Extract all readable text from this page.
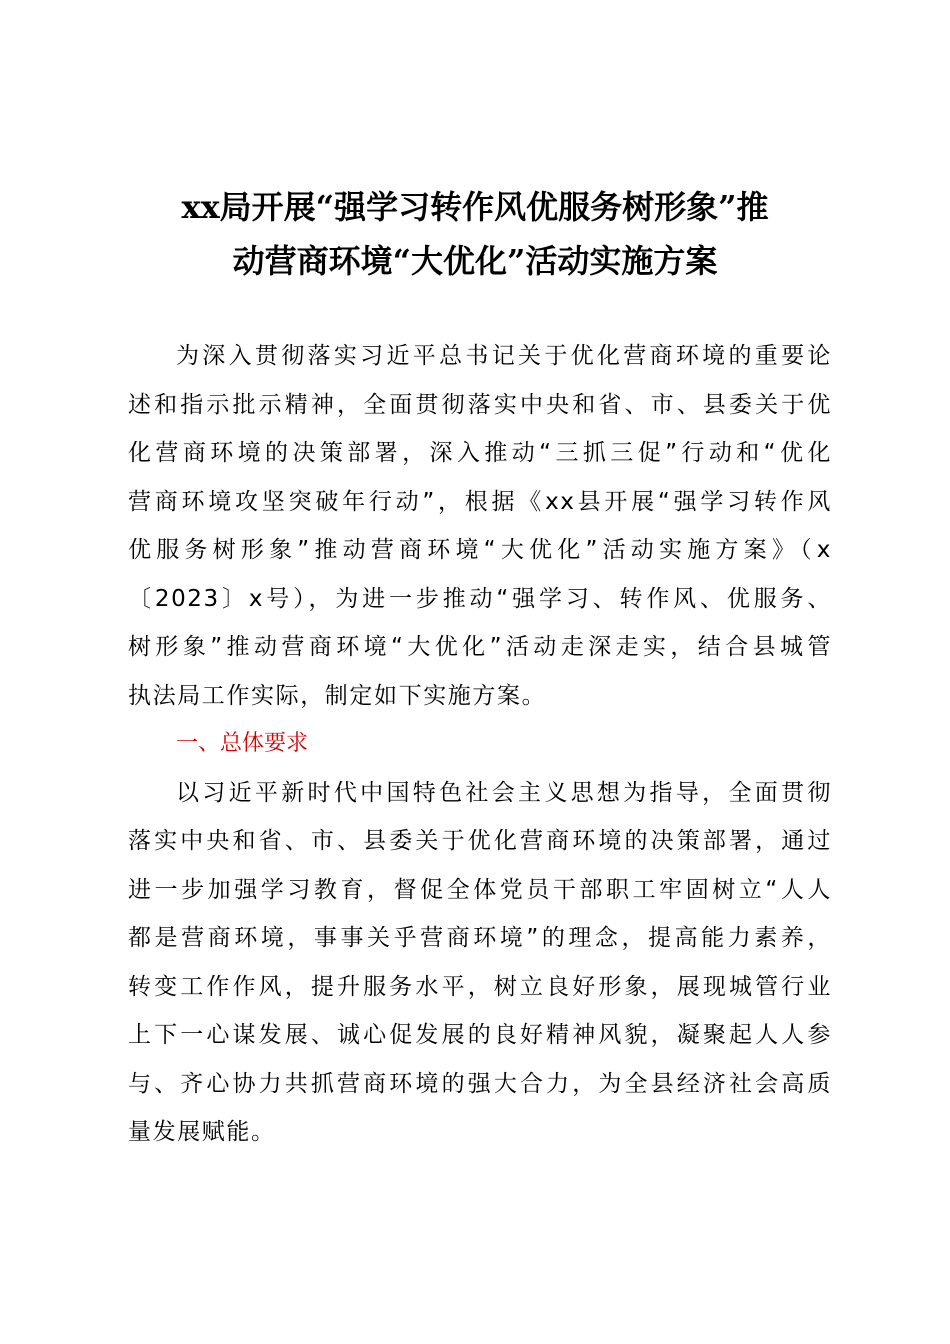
xx局开展“强学习转作风优服务树形象”推
动营商环境“大优化”活动实施方案
为深入贯彻落实习近平总书记关于优化营商环境的重要论
述和指示批示精神，全面贯彻落实中央和省、市、县委关于优
化营商环境的决策部署，深入推动“三抓三促”行动和“优化
营商环境攻坚突破年行动”，根据《xx县开展“强学习转作风
优服务树形象”推动营商环境“大优化”活动实施方案》（x
〔2023〕x号），为进一步推动“强学习、转作风、优服务、
树形象”推动营商环境“大优化”活动走深走实，结合县城管
执法局工作实际，制定如下实施方案。
一、总体要求
以习近平新时代中国特色社会主义思想为指导，全面贯彻
落实中央和省、市、县委关于优化营商环境的决策部署，通过
进一步加强学习教育，督促全体党员干部职工牢固树立“人人
都是营商环境，事事关乎营商环境”的理念，提高能力素养，
转变工作作风，提升服务水平，树立良好形象，展现城管行业
上下一心谋发展、诚心促发展的良好精神风貌，凝聚起人人参
与、齐心协力共抓营商环境的强大合力，为全县经济社会高质
量发展赋能。
